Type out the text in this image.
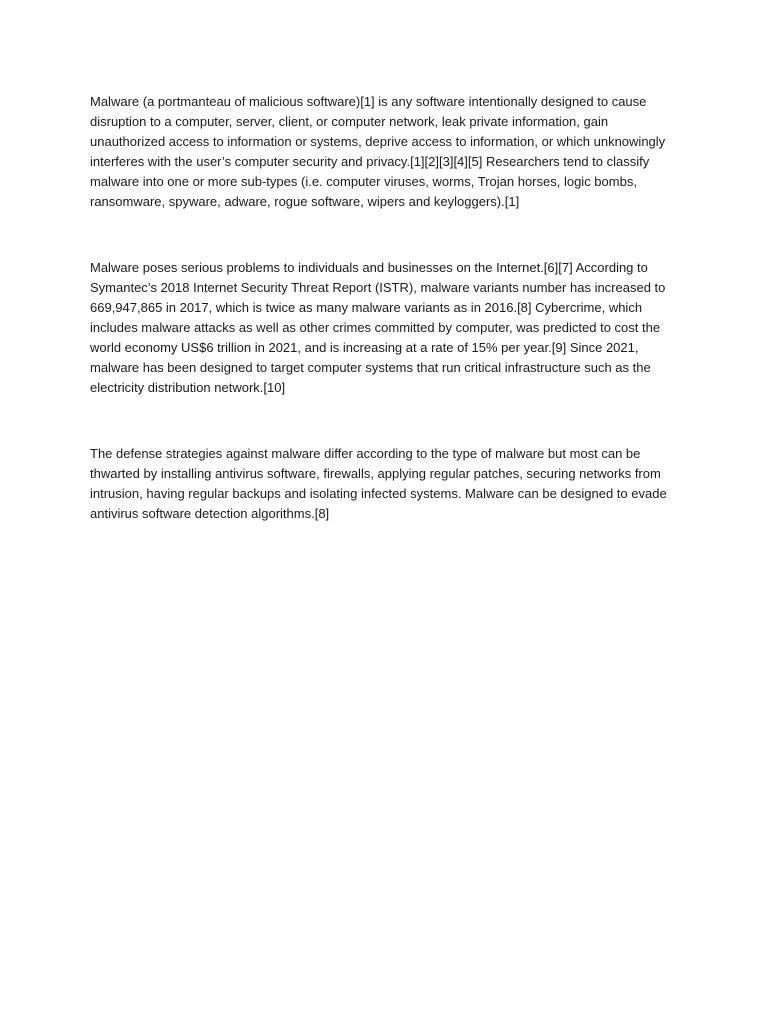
Malware (a portmanteau of malicious software)[1] is any software intentionally designed to cause disruption to a computer, server, client, or computer network, leak private information, gain unauthorized access to information or systems, deprive access to information, or which unknowingly interferes with the user’s computer security and privacy.[1][2][3][4][5] Researchers tend to classify malware into one or more sub-types (i.e. computer viruses, worms, Trojan horses, logic bombs, ransomware, spyware, adware, rogue software, wipers and keyloggers).[1]

Malware poses serious problems to individuals and businesses on the Internet.[6][7] According to Symantec’s 2018 Internet Security Threat Report (ISTR), malware variants number has increased to 669,947,865 in 2017, which is twice as many malware variants as in 2016.[8] Cybercrime, which includes malware attacks as well as other crimes committed by computer, was predicted to cost the world economy US$6 trillion in 2021, and is increasing at a rate of 15% per year.[9] Since 2021, malware has been designed to target computer systems that run critical infrastructure such as the electricity distribution network.[10]

The defense strategies against malware differ according to the type of malware but most can be thwarted by installing antivirus software, firewalls, applying regular patches, securing networks from intrusion, having regular backups and isolating infected systems. Malware can be designed to evade antivirus software detection algorithms.[8]
